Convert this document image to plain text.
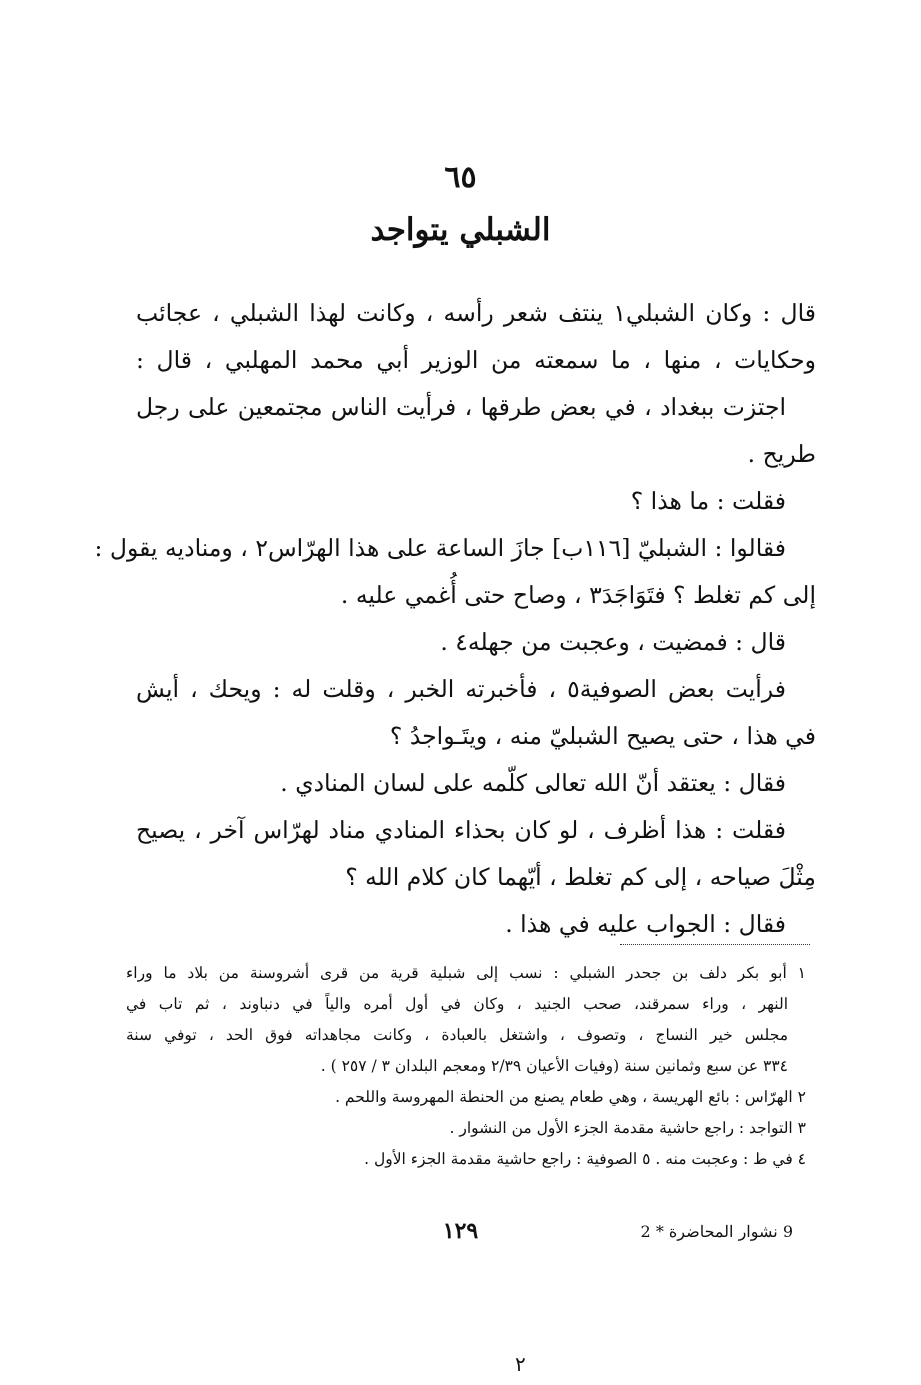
٦٥
الشبلي يتواجد
قال : وكان الشبلي١ ينتف شعر رأسه ، وكانت لهذا الشبلي ، عجائب
وحكايات ، منها ، ما سمعته من الوزير أبي محمد المهلبي ، قال :
اجتزت ببغداد ، في بعض طرقها ، فرأيت الناس مجتمعين على رجل
طريح .
فقلت : ما هذا ؟
فقالوا : الشبليّ [١١٦ب] جازَ الساعة على هذا الهرّاس٢ ، ومناديه يقول :
إلى كم تغلط ؟ فتَوَاجَدَ٣ ، وصاح حتى أُغمي عليه .
قال : فمضيت ، وعجبت من جهله٤ .
فرأيت بعض الصوفية٥ ، فأخبرته الخبر ، وقلت له : ويحك ، أيش
في هذا ، حتى يصيح الشبليّ منه ، ويتَـواجدُ ؟
فقال : يعتقد أنّ الله تعالى كلّمه على لسان المنادي .
فقلت : هذا أظرف ، لو كان بحذاء المنادي مناد لهرّاس آخر ، يصيح
مِثْلَ صياحه ، إلى كم تغلط ، أيّهما كان كلام الله ؟
فقال : الجواب عليه في هذا .
١ أبو بكر دلف بن جحدر الشبلي : نسب إلى شبلية قرية من قرى أشروسنة من بلاد ما وراء
النهر ، وراء سمرقند، صحب الجنيد ، وكان في أول أمره والياً في دنباوند ، ثم تاب في
مجلس خير النساج ، وتصوف ، واشتغل بالعبادة ، وكانت مجاهداته فوق الحد ، توفي سنة
٣٣٤ عن سبع وثمانين سنة (وفيات الأعيان ٢/٣٩ ومعجم البلدان ٣ / ٢٥٧ ) .
٢ الهرّاس : بائع الهريسة ، وهي طعام يصنع من الحنطة المهروسة واللحم .
٣ التواجد : راجع حاشية مقدمة الجزء الأول من النشوار .
٤ في ط : وعجبت منه . ٥ الصوفية : راجع حاشية مقدمة الجزء الأول .
١٢٩	9 نشوار المحاضرة * 2
٢
